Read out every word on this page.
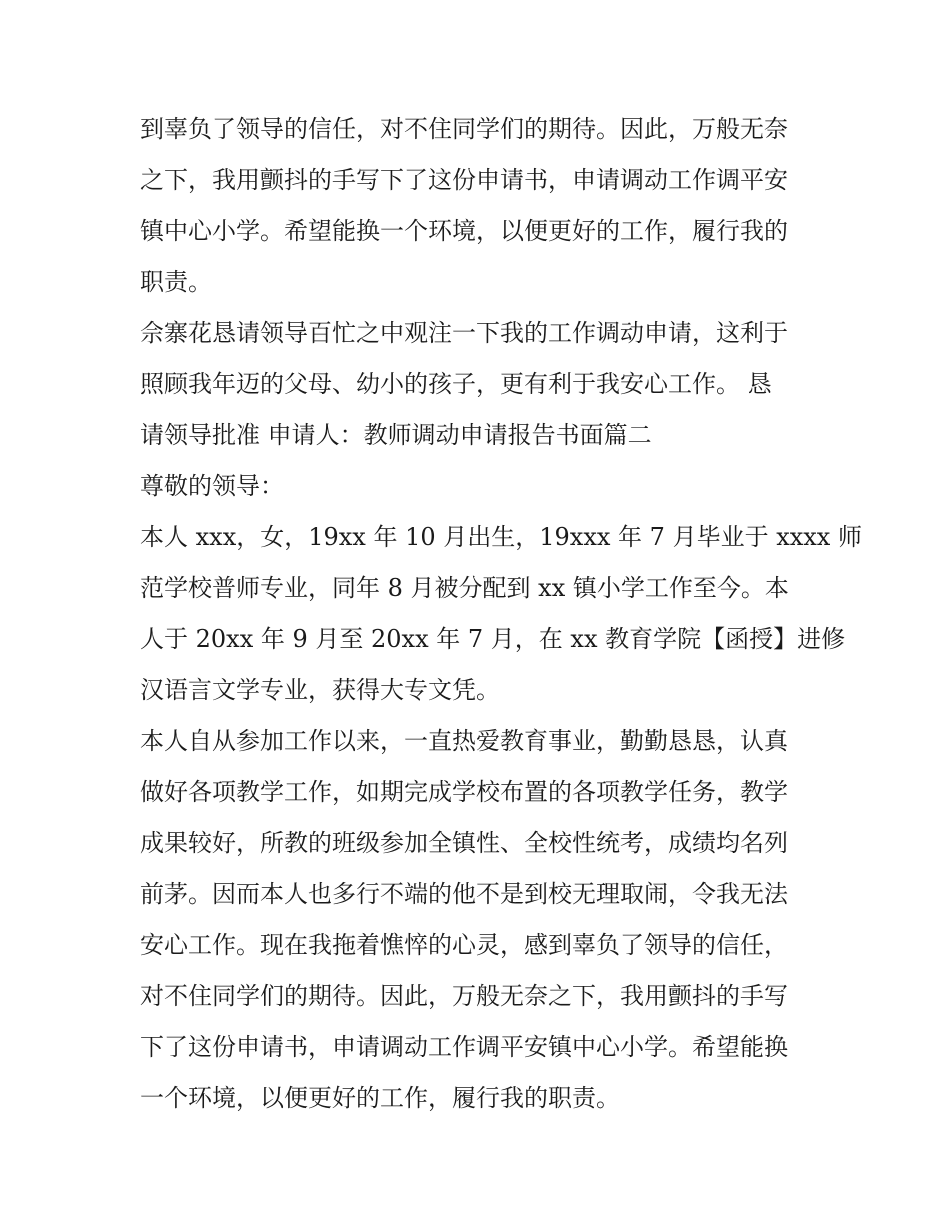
到辜负了领导的信任，对不住同学们的期待。因此，万般无奈
之下，我用颤抖的手写下了这份申请书，申请调动工作调平安
镇中心小学。希望能换一个环境，以便更好的工作，履行我的
职责。
佘寨花恳请领导百忙之中观注一下我的工作调动申请，这利于
照顾我年迈的父母、幼小的孩子，更有利于我安心工作。 恳
请领导批准 申请人：教师调动申请报告书面篇二
尊敬的领导：
本人 xxx，女，19xx 年 10 月出生，19xxx 年 7 月毕业于 xxxx 师
范学校普师专业，同年 8 月被分配到 xx 镇小学工作至今。本
人于 20xx 年 9 月至 20xx 年 7 月，在 xx 教育学院【函授】进修
汉语言文学专业，获得大专文凭。
本人自从参加工作以来，一直热爱教育事业，勤勤恳恳，认真
做好各项教学工作，如期完成学校布置的各项教学任务，教学
成果较好，所教的班级参加全镇性、全校性统考，成绩均名列
前茅。因而本人也多行不端的他不是到校无理取闹，令我无法
安心工作。现在我拖着憔悴的心灵，感到辜负了领导的信任，
对不住同学们的期待。因此，万般无奈之下，我用颤抖的手写
下了这份申请书，申请调动工作调平安镇中心小学。希望能换
一个环境，以便更好的工作，履行我的职责。
